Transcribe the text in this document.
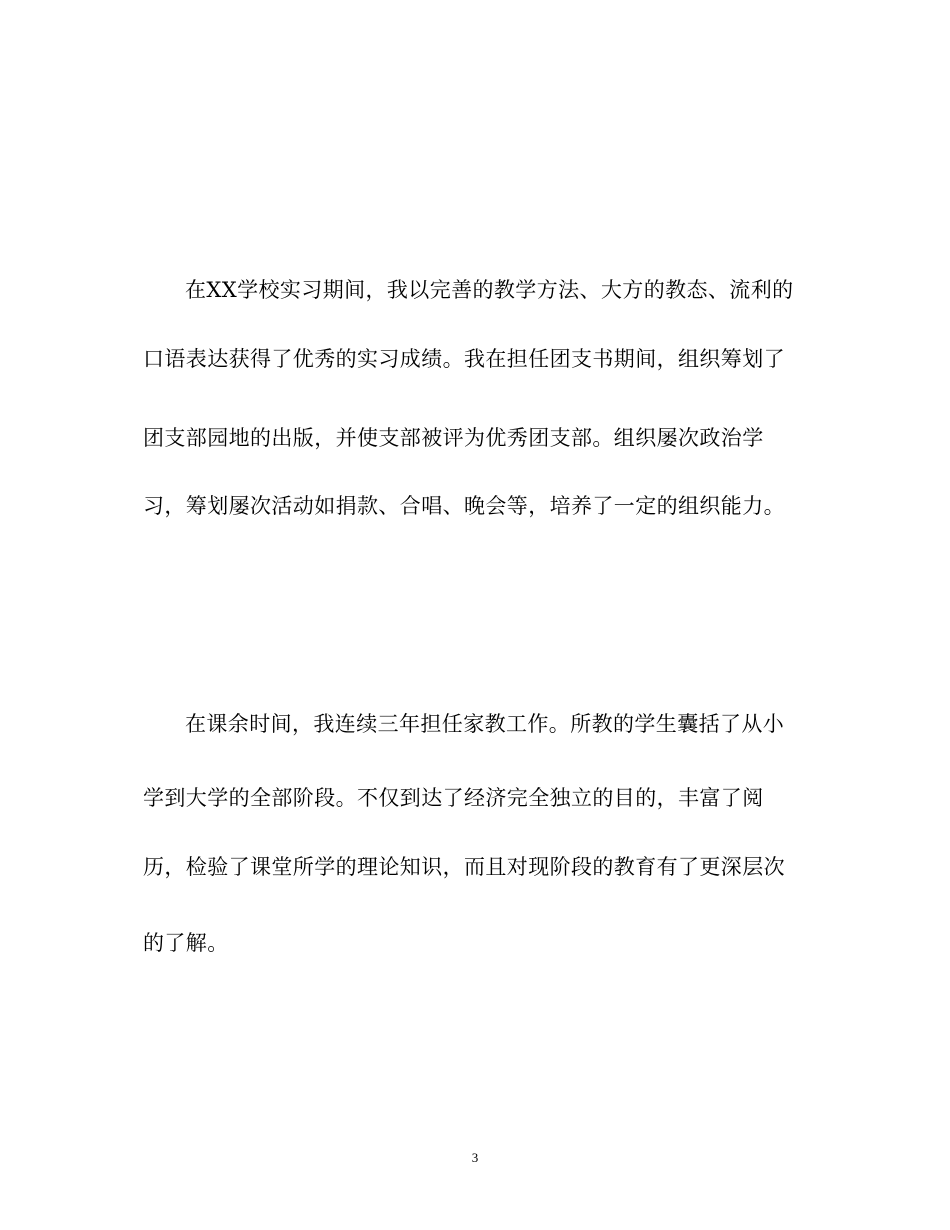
在XX学校实习期间，我以完善的教学方法、大方的教态、流利的
口语表达获得了优秀的实习成绩。我在担任团支书期间，组织筹划了
团支部园地的出版，并使支部被评为优秀团支部。组织屡次政治学
习，筹划屡次活动如捐款、合唱、晚会等，培养了一定的组织能力。
在课余时间，我连续三年担任家教工作。所教的学生囊括了从小
学到大学的全部阶段。不仅到达了经济完全独立的目的，丰富了阅
历，检验了课堂所学的理论知识，而且对现阶段的教育有了更深层次
的了解。
3
